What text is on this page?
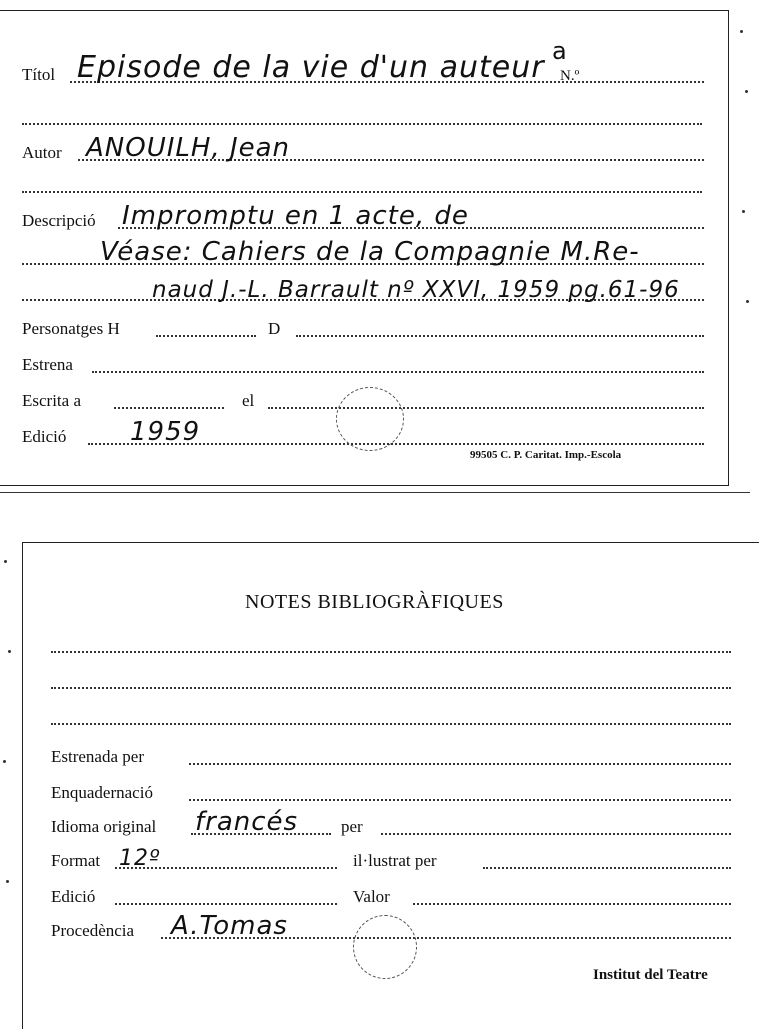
Títol Episode de la vie d'un auteur N.º
a
Autor ANOUILH, Jean
Descripció Impromptu en 1 acte, de
Véase: Cahiers de la Compagnie M.Re-
naud J.-L. Barrault nº XXVI, 1959 pg.61-96
Personatges H	D
Estrena
Escrita a	el
Edició 1959
99505 C. P. Caritat. Imp.-Escola
NOTES BIBLIOGRÀFIQUES
Estrenada per
Enquadernació
Idioma original francés	per
Format 12º	il·lustrat per
Edició	Valor
Procedència A.Tomas
Institut del Teatre
